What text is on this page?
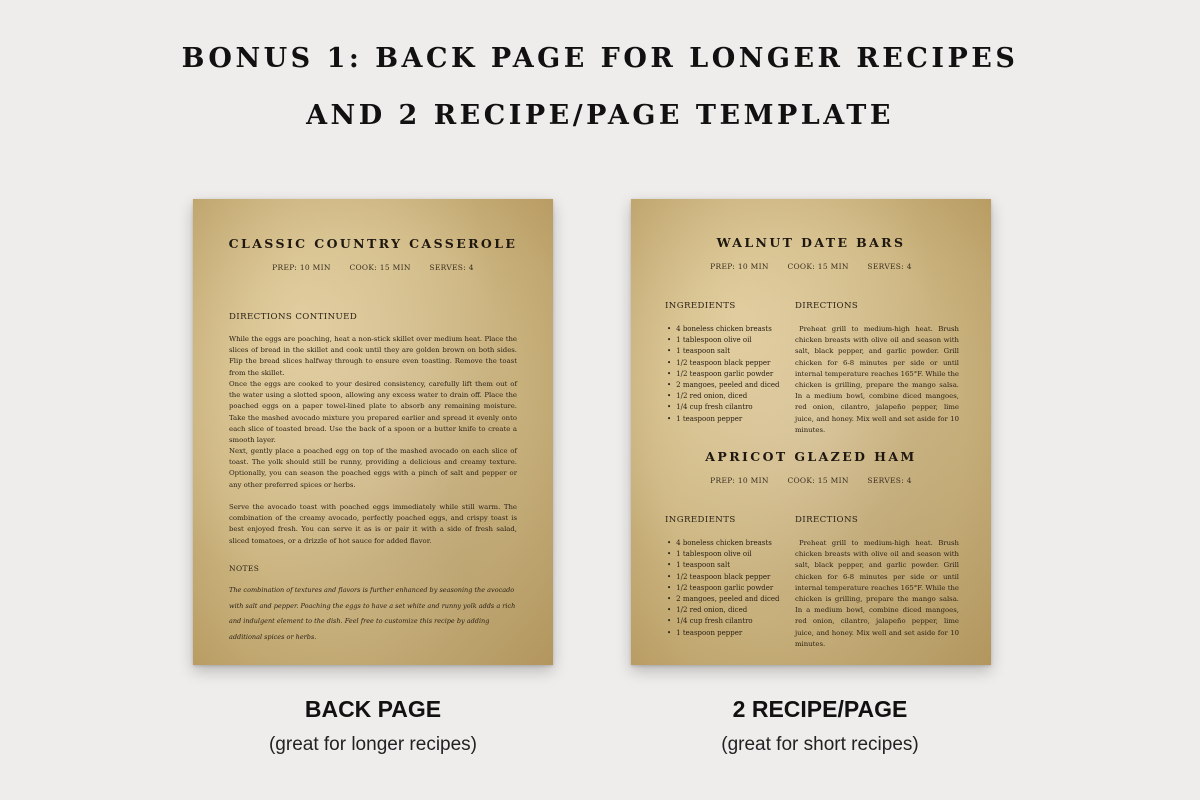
BONUS 1: BACK PAGE FOR LONGER RECIPES
AND 2 RECIPE/PAGE TEMPLATE
CLASSIC COUNTRY CASSEROLE
PREP: 10 MIN COOK: 15 MIN SERVES: 4
DIRECTIONS CONTINUED
While the eggs are poaching, heat a non-stick skillet over medium heat. Place the slices of bread in the skillet and cook until they are golden brown on both sides. Flip the bread slices halfway through to ensure even toasting. Remove the toast from the skillet.
Once the eggs are cooked to your desired consistency, carefully lift them out of the water using a slotted spoon, allowing any excess water to drain off. Place the poached eggs on a paper towel-lined plate to absorb any remaining moisture. Take the mashed avocado mixture you prepared earlier and spread it evenly onto each slice of toasted bread. Use the back of a spoon or a butter knife to create a smooth layer.
Next, gently place a poached egg on top of the mashed avocado on each slice of toast. The yolk should still be runny, providing a delicious and creamy texture. Optionally, you can season the poached eggs with a pinch of salt and pepper or any other preferred spices or herbs.
Serve the avocado toast with poached eggs immediately while still warm. The combination of the creamy avocado, perfectly poached eggs, and crispy toast is best enjoyed fresh. You can serve it as is or pair it with a side of fresh salad, sliced tomatoes, or a drizzle of hot sauce for added flavor.
NOTES
The combination of textures and flavors is further enhanced by seasoning the avocado with salt and pepper. Poaching the eggs to have a set white and runny yolk adds a rich and indulgent element to the dish. Feel free to customize this recipe by adding additional spices or herbs.
WALNUT DATE BARS
PREP: 10 MIN COOK: 15 MIN SERVES: 4
INGREDIENTS	DIRECTIONS
• 4 boneless chicken breasts
• 1 tablespoon olive oil
• 1 teaspoon salt
• 1/2 teaspoon black pepper
• 1/2 teaspoon garlic powder
• 2 mangoes, peeled and diced
• 1/2 red onion, diced
• 1/4 cup fresh cilantro
• 1 teaspoon pepper
Preheat grill to medium-high heat. Brush chicken breasts with olive oil and season with salt, black pepper, and garlic powder. Grill chicken for 6-8 minutes per side or until internal temperature reaches 165°F. While the chicken is grilling, prepare the mango salsa. In a medium bowl, combine diced mangoes, red onion, cilantro, jalapeño pepper, lime juice, and honey. Mix well and set aside for 10 minutes.
APRICOT GLAZED HAM
PREP: 10 MIN COOK: 15 MIN SERVES: 4
INGREDIENTS	DIRECTIONS
• 4 boneless chicken breasts
• 1 tablespoon olive oil
• 1 teaspoon salt
• 1/2 teaspoon black pepper
• 1/2 teaspoon garlic powder
• 2 mangoes, peeled and diced
• 1/2 red onion, diced
• 1/4 cup fresh cilantro
• 1 teaspoon pepper
Preheat grill to medium-high heat. Brush chicken breasts with olive oil and season with salt, black pepper, and garlic powder. Grill chicken for 6-8 minutes per side or until internal temperature reaches 165°F. While the chicken is grilling, prepare the mango salsa. In a medium bowl, combine diced mangoes, red onion, cilantro, jalapeño pepper, lime juice, and honey. Mix well and set aside for 10 minutes.
BACK PAGE
(great for longer recipes)
2 RECIPE/PAGE
(great for short recipes)
